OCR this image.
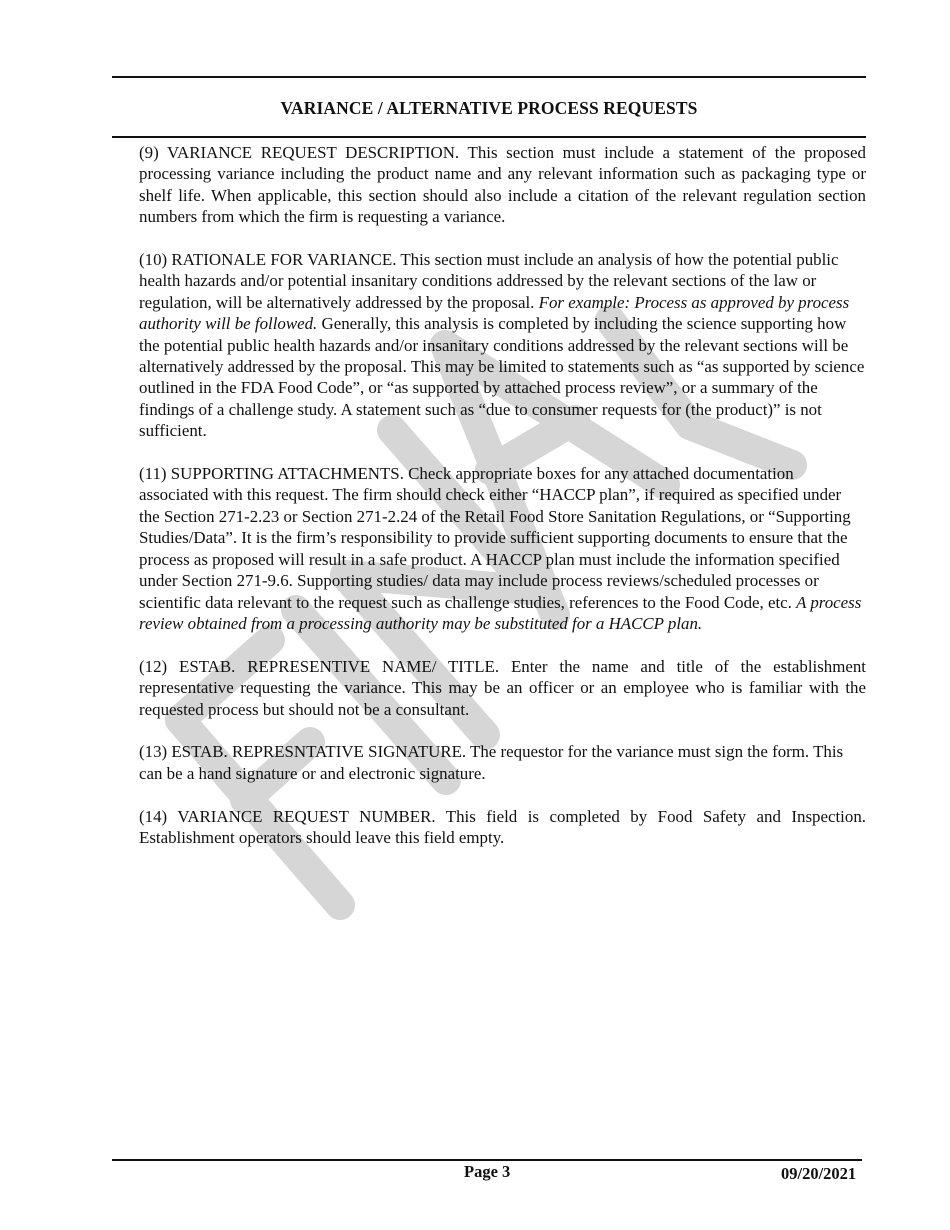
VARIANCE / ALTERNATIVE PROCESS REQUESTS

(9) VARIANCE REQUEST DESCRIPTION. This section must include a statement of the proposed processing variance including the product name and any relevant information such as packaging type or shelf life. When applicable, this section should also include a citation of the relevant regulation section numbers from which the firm is requesting a variance.

(10) RATIONALE FOR VARIANCE. This section must include an analysis of how the potential public health hazards and/or potential insanitary conditions addressed by the relevant sections of the law or regulation, will be alternatively addressed by the proposal. For example: Process as approved by process authority will be followed. Generally, this analysis is completed by including the science supporting how the potential public health hazards and/or insanitary conditions addressed by the relevant sections will be alternatively addressed by the proposal. This may be limited to statements such as “as supported by science outlined in the FDA Food Code”, or “as supported by attached process review”, or a summary of the findings of a challenge study. A statement such as “due to consumer requests for (the product)” is not sufficient.

(11) SUPPORTING ATTACHMENTS. Check appropriate boxes for any attached documentation associated with this request. The firm should check either “HACCP plan”, if required as specified under the Section 271-2.23 or Section 271-2.24 of the Retail Food Store Sanitation Regulations, or “Supporting Studies/Data”. It is the firm’s responsibility to provide sufficient supporting documents to ensure that the process as proposed will result in a safe product. A HACCP plan must include the information specified under Section 271-9.6. Supporting studies/ data may include process reviews/scheduled processes or scientific data relevant to the request such as challenge studies, references to the Food Code, etc. A process review obtained from a processing authority may be substituted for a HACCP plan.

(12) ESTAB. REPRESENTIVE NAME/ TITLE. Enter the name and title of the establishment representative requesting the variance. This may be an officer or an employee who is familiar with the requested process but should not be a consultant.

(13) ESTAB. REPRESNTATIVE SIGNATURE. The requestor for the variance must sign the form. This can be a hand signature or and electronic signature.

(14) VARIANCE REQUEST NUMBER. This field is completed by Food Safety and Inspection. Establishment operators should leave this field empty.

Page 3	09/20/2021
